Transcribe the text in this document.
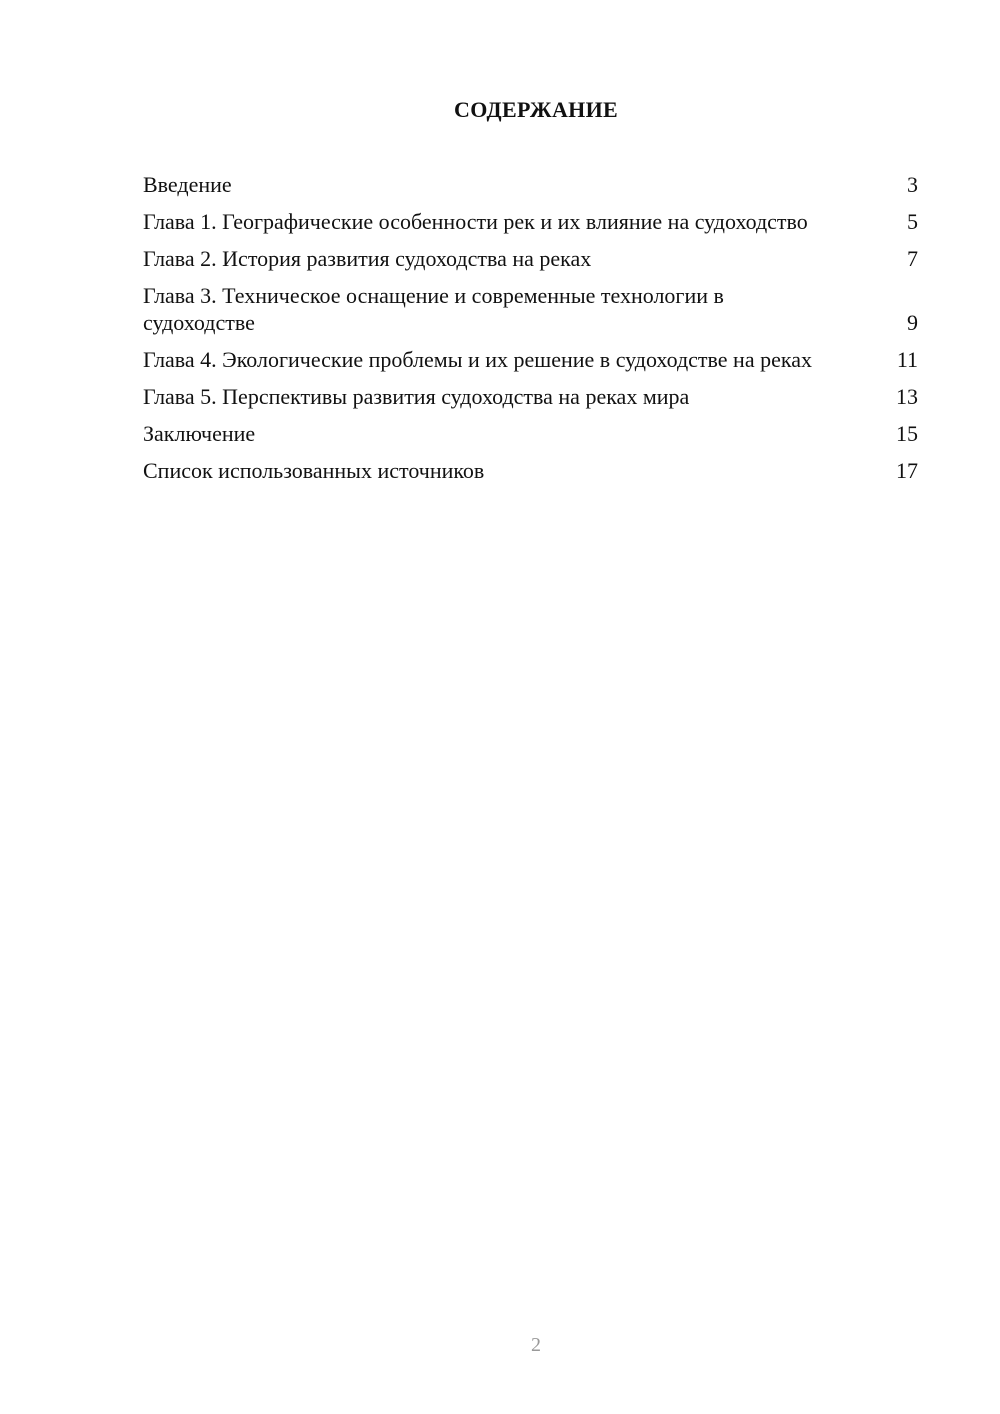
СОДЕРЖАНИЕ
Введение	3
Глава 1. Географические особенности рек и их влияние на судоходство	5
Глава 2. История развития судоходства на реках	7
Глава 3. Техническое оснащение и современные технологии в судоходстве	9
Глава 4. Экологические проблемы и их решение в судоходстве на реках	11
Глава 5. Перспективы развития судоходства на реках мира	13
Заключение	15
Список использованных источников	17
2
